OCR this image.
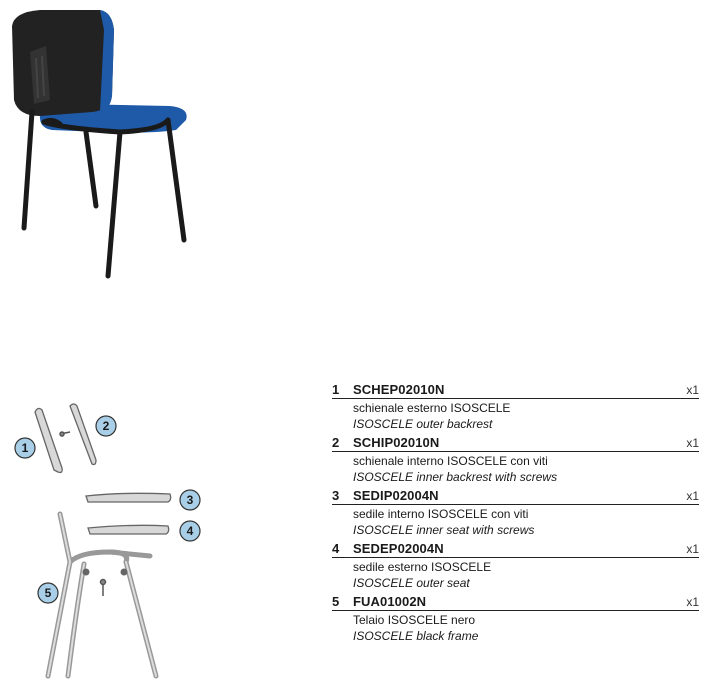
1
2
3
4
5
1	SCHEP02010N	x1
schienale esterno ISOSCELE
ISOSCELE outer backrest
2	SCHIP02010N	x1
schienale interno ISOSCELE con viti
ISOSCELE inner backrest with screws
3	SEDIP02004N	x1
sedile interno ISOSCELE con viti
ISOSCELE inner seat with screws
4	SEDEP02004N	x1
sedile esterno ISOSCELE
ISOSCELE outer seat
5	FUA01002N	x1
Telaio ISOSCELE nero
ISOSCELE black frame
